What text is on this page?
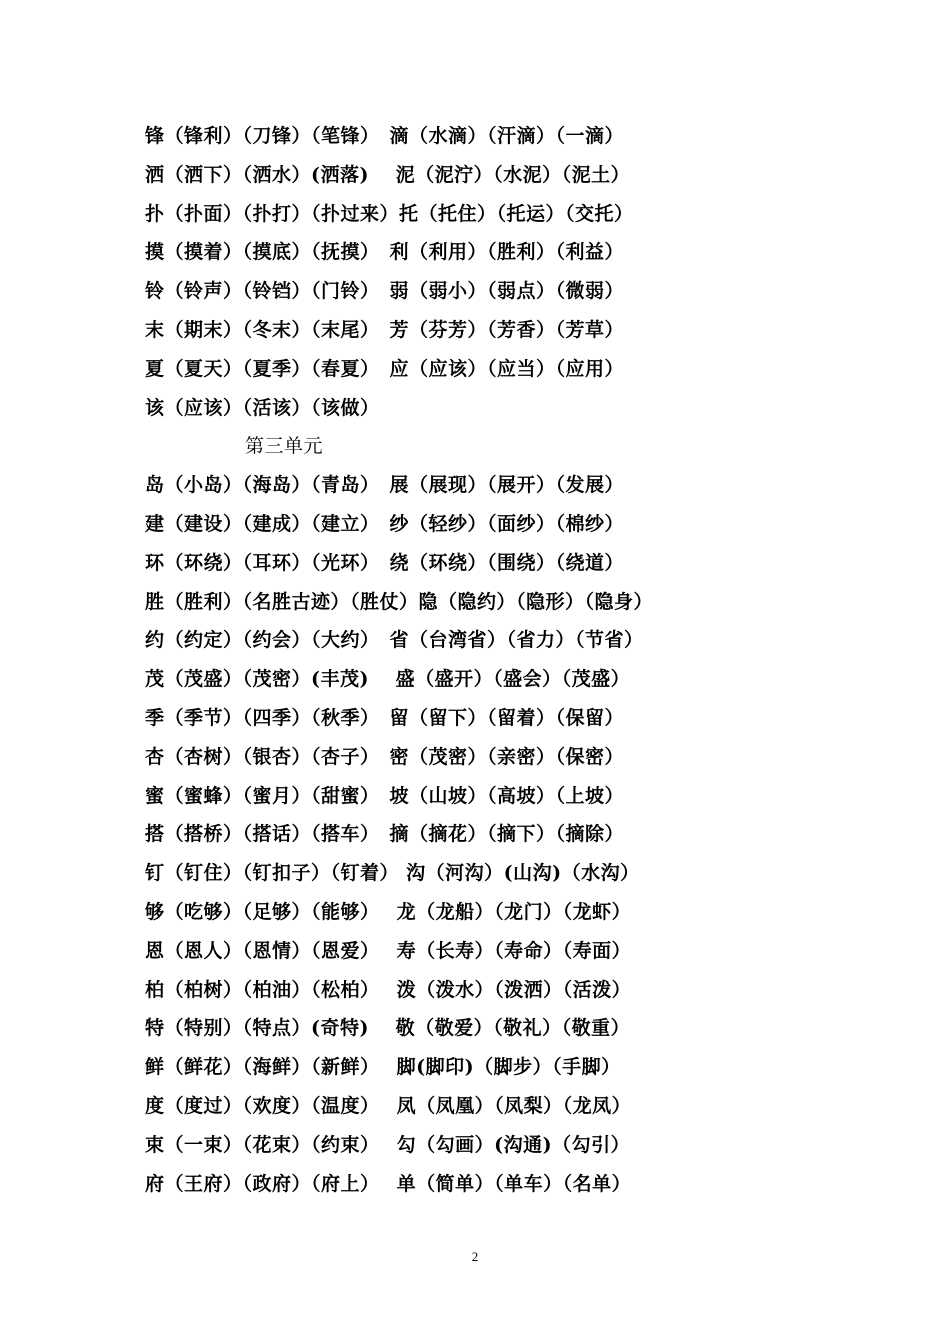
锋（锋利）（刀锋）（笔锋）　滴（水滴）（汗滴）（一滴）
洒（洒下）（洒水）(洒落)　 泥（泥泞）（水泥）（泥土）
扑（扑面）（扑打）（扑过来）托（托住）（托运）（交托）
摸（摸着）（摸底）（抚摸）　利（利用）（胜利）（利益）
铃（铃声）（铃铛）（门铃）　弱（弱小）（弱点）（微弱）
末（期末）（冬末）（末尾）　芳（芬芳）（芳香）（芳草）
夏（夏天）（夏季）（春夏）　应（应该）（应当）（应用）
该（应该）（活该）（该做）
第三单元
岛（小岛）（海岛）（青岛）　展（展现）（展开）（发展）
建（建设）（建成）（建立）　纱（轻纱）（面纱）（棉纱）
环（环绕）（耳环）（光环）　绕（环绕）（围绕）（绕道）
胜（胜利）（名胜古迹）（胜仗）隐（隐约）（隐形）（隐身）
约（约定）（约会）（大约）　省（台湾省）（省力）（节省）
茂（茂盛）（茂密）(丰茂)　 盛（盛开）（盛会）（茂盛）
季（季节）（四季）（秋季）　留（留下）（留着）（保留）
杏（杏树）（银杏）（杏子）　密（茂密）（亲密）（保密）
蜜（蜜蜂）（蜜月）（甜蜜）　坡（山坡）（高坡）（上坡）
搭（搭桥）（搭话）（搭车）　摘（摘花）（摘下）（摘除）
钉（钉住）（钉扣子）（钉着） 沟（河沟）(山沟)（水沟）
够（吃够）（足够）（能够）　 龙（龙船）（龙门）（龙虾）
恩（恩人）（恩情）（恩爱）　 寿（长寿）（寿命）（寿面）
柏（柏树）（柏油）（松柏）　 泼（泼水）（泼洒）（活泼）
特（特别）（特点）(奇特)　 敬（敬爱）（敬礼）（敬重）
鲜（鲜花）（海鲜）（新鲜）　 脚(脚印)（脚步）（手脚）
度（度过）（欢度）（温度）　 凤（凤凰）（凤梨）（龙凤）
束（一束）（花束）（约束）　 勾（勾画）(沟通)（勾引）
府（王府）（政府）（府上）　 单（简单）（单车）（名单）
2
